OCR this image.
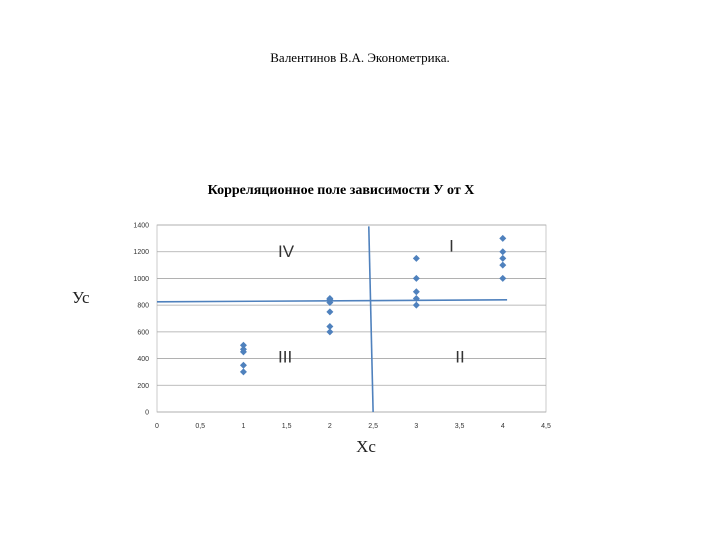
Валентинов В.А. Эконометрика.
Корреляционное поле зависимости У от Х
0
200
400
600
800
1000
1200
1400
0	0,5	1	1,5	2	2,5	3	3,5	4	4,5
I
II
III
IV
Ус
Хс
